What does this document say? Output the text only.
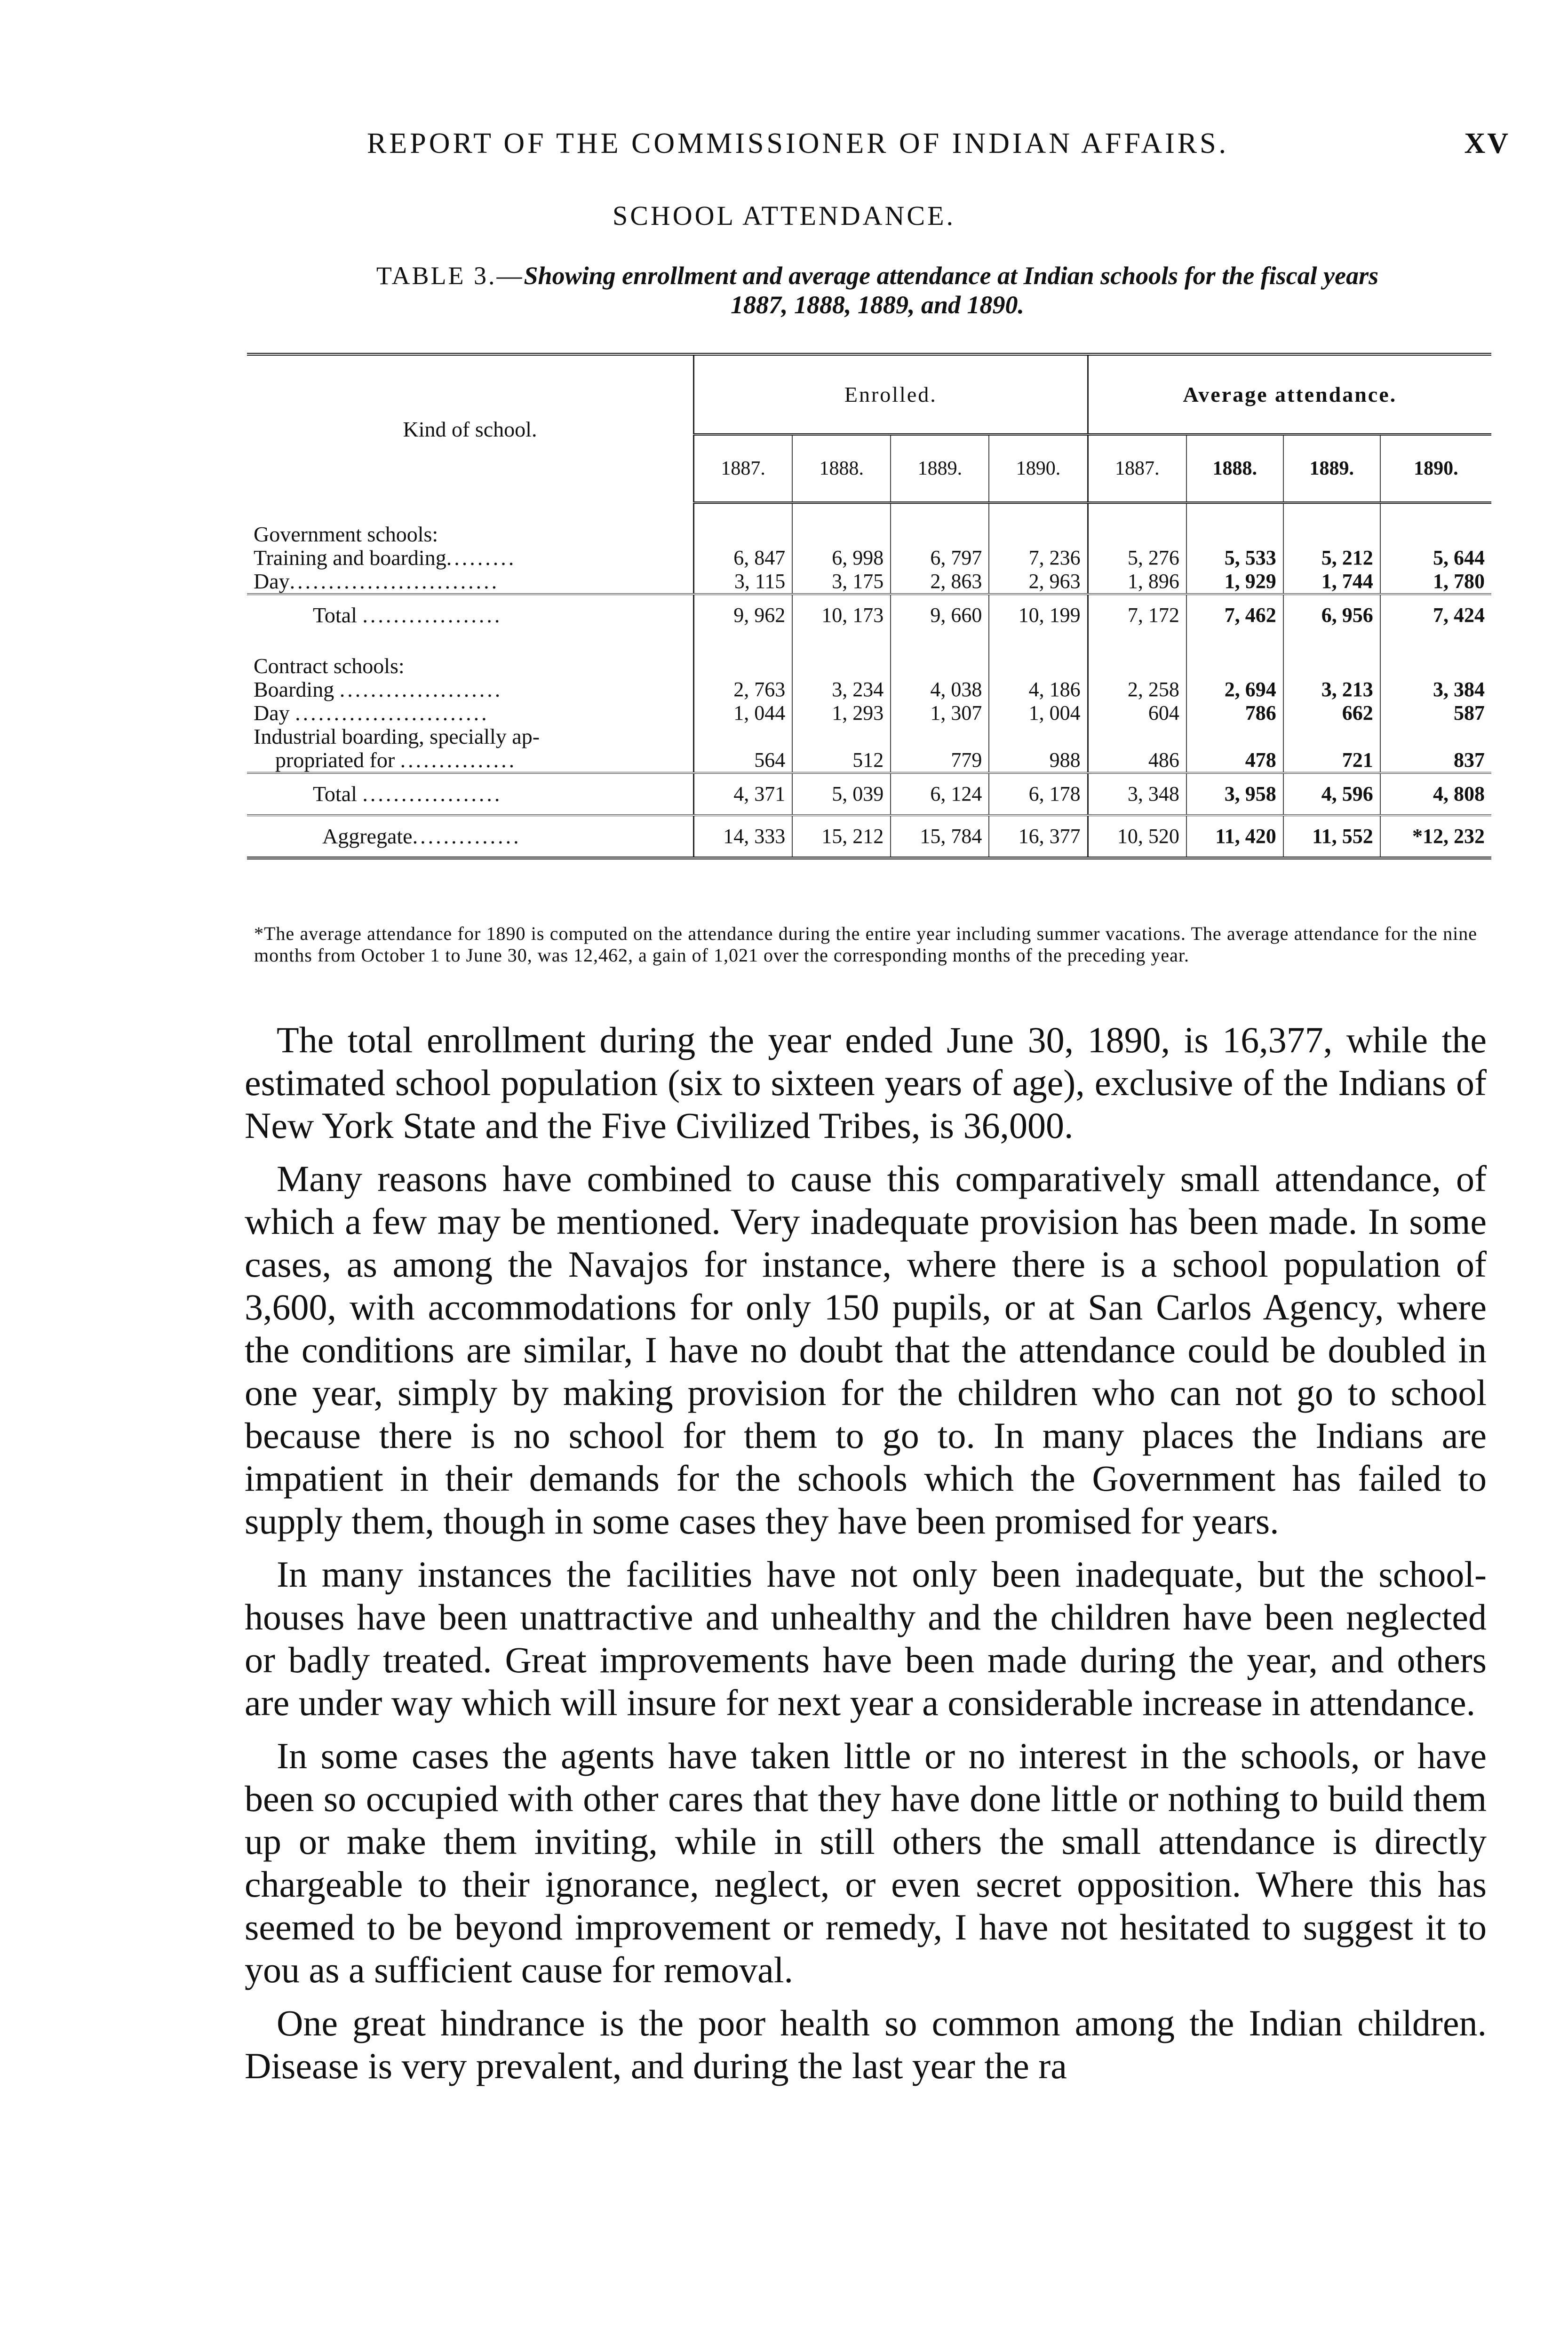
REPORT OF THE COMMISSIONER OF INDIAN AFFAIRS.	XV
SCHOOL ATTENDANCE.
TABLE 3.—Showing enrollment and average attendance at Indian schools for the fiscal years
1887, 1888, 1889, and 1890.
Kind of school.	Enrolled.				Average attendance.			
	1887.	1888.	1889.	1890.	1887.	1888.	1889.	1890.

Government schools:								
Training and boarding.........	6, 847	6, 998	6, 797	7, 236	5, 276	5, 533	5, 212	5, 644
Day...........................	3, 115	3, 175	2, 863	2, 963	1, 896	1, 929	1, 744	1, 780
Total ..................	9, 962	10, 173	9, 660	10, 199	7, 172	7, 462	6, 956	7, 424

Contract schools:								
Boarding .....................	2, 763	3, 234	4, 038	4, 186	2, 258	2, 694	3, 213	3, 384
Day .........................	1, 044	1, 293	1, 307	1, 004	604	786	662	587
Industrial boarding, specially ap-								
propriated for ...............	564	512	779	988	486	478	721	837
Total ..................	4, 371	5, 039	6, 124	6, 178	3, 348	3, 958	4, 596	4, 808
Aggregate..............	14, 333	15, 212	15, 784	16, 377	10, 520	11, 420	11, 552	*12, 232
*The average attendance for 1890 is computed on the attendance during the entire year including summer vacations. The average attendance for the nine months from October 1 to June 30, was 12,462, a gain of 1,021 over the corresponding months of the preceding year.

The total enrollment during the year ended June 30, 1890, is 16,377, while the estimated school population (six to sixteen years of age), exclusive of the Indians of New York State and the Five Civilized Tribes, is 36,000.

Many reasons have combined to cause this comparatively small attendance, of which a few may be mentioned. Very inadequate provision has been made. In some cases, as among the Navajos for instance, where there is a school population of 3,600, with accommodations for only 150 pupils, or at San Carlos Agency, where the conditions are similar, I have no doubt that the attendance could be doubled in one year, simply by making provision for the children who can not go to school because there is no school for them to go to. In many places the Indians are impatient in their demands for the schools which the Government has failed to supply them, though in some cases they have been promised for years.

In many instances the facilities have not only been inadequate, but the school-houses have been unattractive and unhealthy and the children have been neglected or badly treated. Great improvements have been made during the year, and others are under way which will insure for next year a considerable increase in attendance.

In some cases the agents have taken little or no interest in the schools, or have been so occupied with other cares that they have done little or nothing to build them up or make them inviting, while in still others the small attendance is directly chargeable to their ignorance, neglect, or even secret opposition. Where this has seemed to be beyond improvement or remedy, I have not hesitated to suggest it to you as a sufficient cause for removal.

One great hindrance is the poor health so common among the Indian children. Disease is very prevalent, and during the last year the ra
